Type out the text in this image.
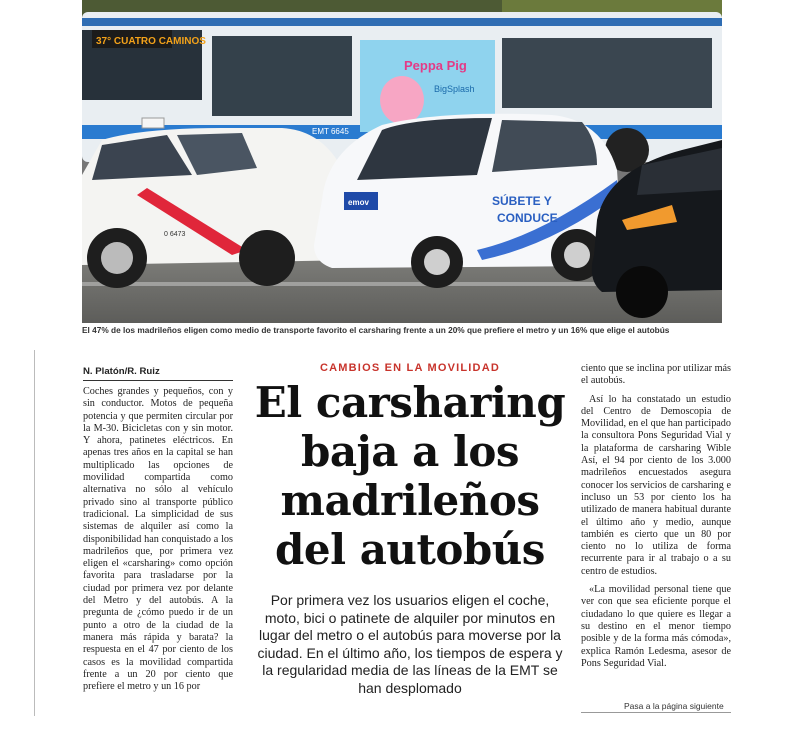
37° CUATRO CAMINOS
EMT 6645
Peppa Pig
BigSplash
0 6473
emov	SÚBETE Y
CONDUCE
El 47% de los madrileños eligen como medio de transporte favorito el carsharing frente a un 20% que prefiere el metro y un 16% que elige el autobús
N. Platón/R. Ruiz
Coches grandes y pequeños, con y sin conductor. Motos de pequeña potencia y que permiten circular por la M-30. Bicicletas con y sin motor. Y ahora, patinetes eléctricos. En apenas tres años en la capital se han multiplicado las opciones de movilidad compartida como alternativa no sólo al vehículo privado sino al transporte público tradicional. La simplicidad de sus sistemas de alquiler así como la disponibilidad han conquistado a los madrileños que, por primera vez eligen el «carsharing» como opción favorita para trasladarse por la ciudad por primera vez por delante del Metro y del autobús. A la pregunta de ¿cómo puedo ir de un punto a otro de la ciudad de la manera más rápida y barata? la respuesta en el 47 por ciento de los casos es la movilidad compartida frente a un 20 por ciento que prefiere el metro y un 16 por
CAMBIOS EN LA MOVILIDAD
El carsharing
baja a los
madrileños
del autobús
Por primera vez los usuarios eligen el coche, moto, bici o patinete de alquiler por minutos en lugar del metro o el autobús para moverse por la ciudad. En el último año, los tiempos de espera y la regularidad media de las líneas de la EMT se han desplomado

ciento que se inclina por utilizar más el autobús.

Así lo ha constatado un estudio del Centro de Demoscopia de Movilidad, en el que han participado la consultora Pons Seguridad Vial y la plataforma de carsharing Wible Así, el 94 por ciento de los 3.000 madrileños encuestados asegura conocer los servicios de carsharing e incluso un 53 por ciento los ha utilizado de manera habitual durante el último año y medio, aunque también es cierto que un 80 por ciento no lo utiliza de forma recurrente para ir al trabajo o a su centro de estudios.

«La movilidad personal tiene que ver con que sea eficiente porque el ciudadano lo que quiere es llegar a su destino en el menor tiempo posible y de la forma más cómoda», explica Ramón Ledesma, asesor de Pons Seguridad Vial.

Pasa a la página siguiente
